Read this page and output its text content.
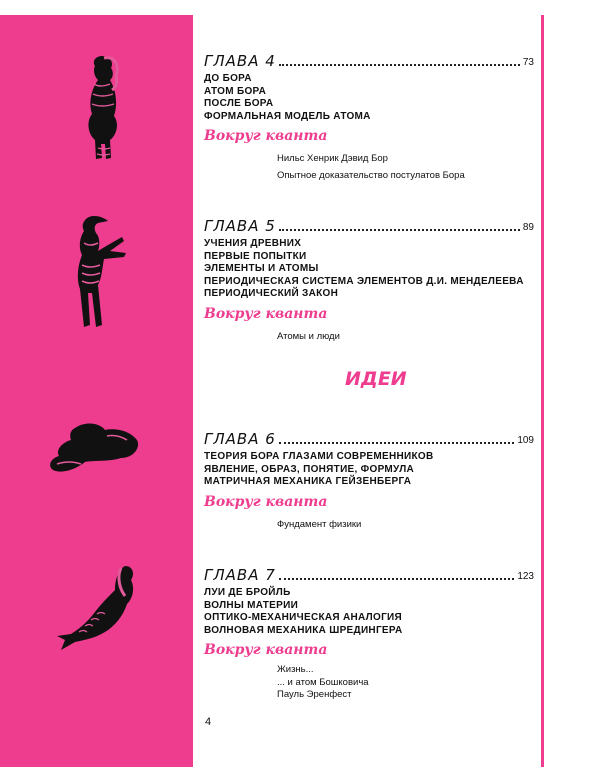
ГЛАВА 4	73
ДО БОРА
АТОМ БОРА
ПОСЛЕ БОРА
ФОРМАЛЬНАЯ МОДЕЛЬ АТОМА
Вокруг кванта
Нильс Хенрик Дэвид Бор
Опытное доказательство постулатов Бора
ГЛАВА 5	89
УЧЕНИЯ ДРЕВНИХ
ПЕРВЫЕ ПОПЫТКИ
ЭЛЕМЕНТЫ И АТОМЫ
ПЕРИОДИЧЕСКАЯ СИСТЕМА ЭЛЕМЕНТОВ Д.И. МЕНДЕЛЕЕВА
ПЕРИОДИЧЕСКИЙ ЗАКОН
Вокруг кванта
Атомы и люди
ИДЕИ
ГЛАВА 6	109
ТЕОРИЯ БОРА ГЛАЗАМИ СОВРЕМЕННИКОВ
ЯВЛЕНИЕ, ОБРАЗ, ПОНЯТИЕ, ФОРМУЛА
МАТРИЧНАЯ МЕХАНИКА ГЕЙЗЕНБЕРГА
Вокруг кванта
Фундамент физики
ГЛАВА 7	123
ЛУИ ДЕ БРОЙЛЬ
ВОЛНЫ МАТЕРИИ
ОПТИКО-МЕХАНИЧЕСКАЯ АНАЛОГИЯ
ВОЛНОВАЯ МЕХАНИКА ШРЕДИНГЕРА
Вокруг кванта
Жизнь...
... и атом Бошковича
Пауль Эренфест
4
